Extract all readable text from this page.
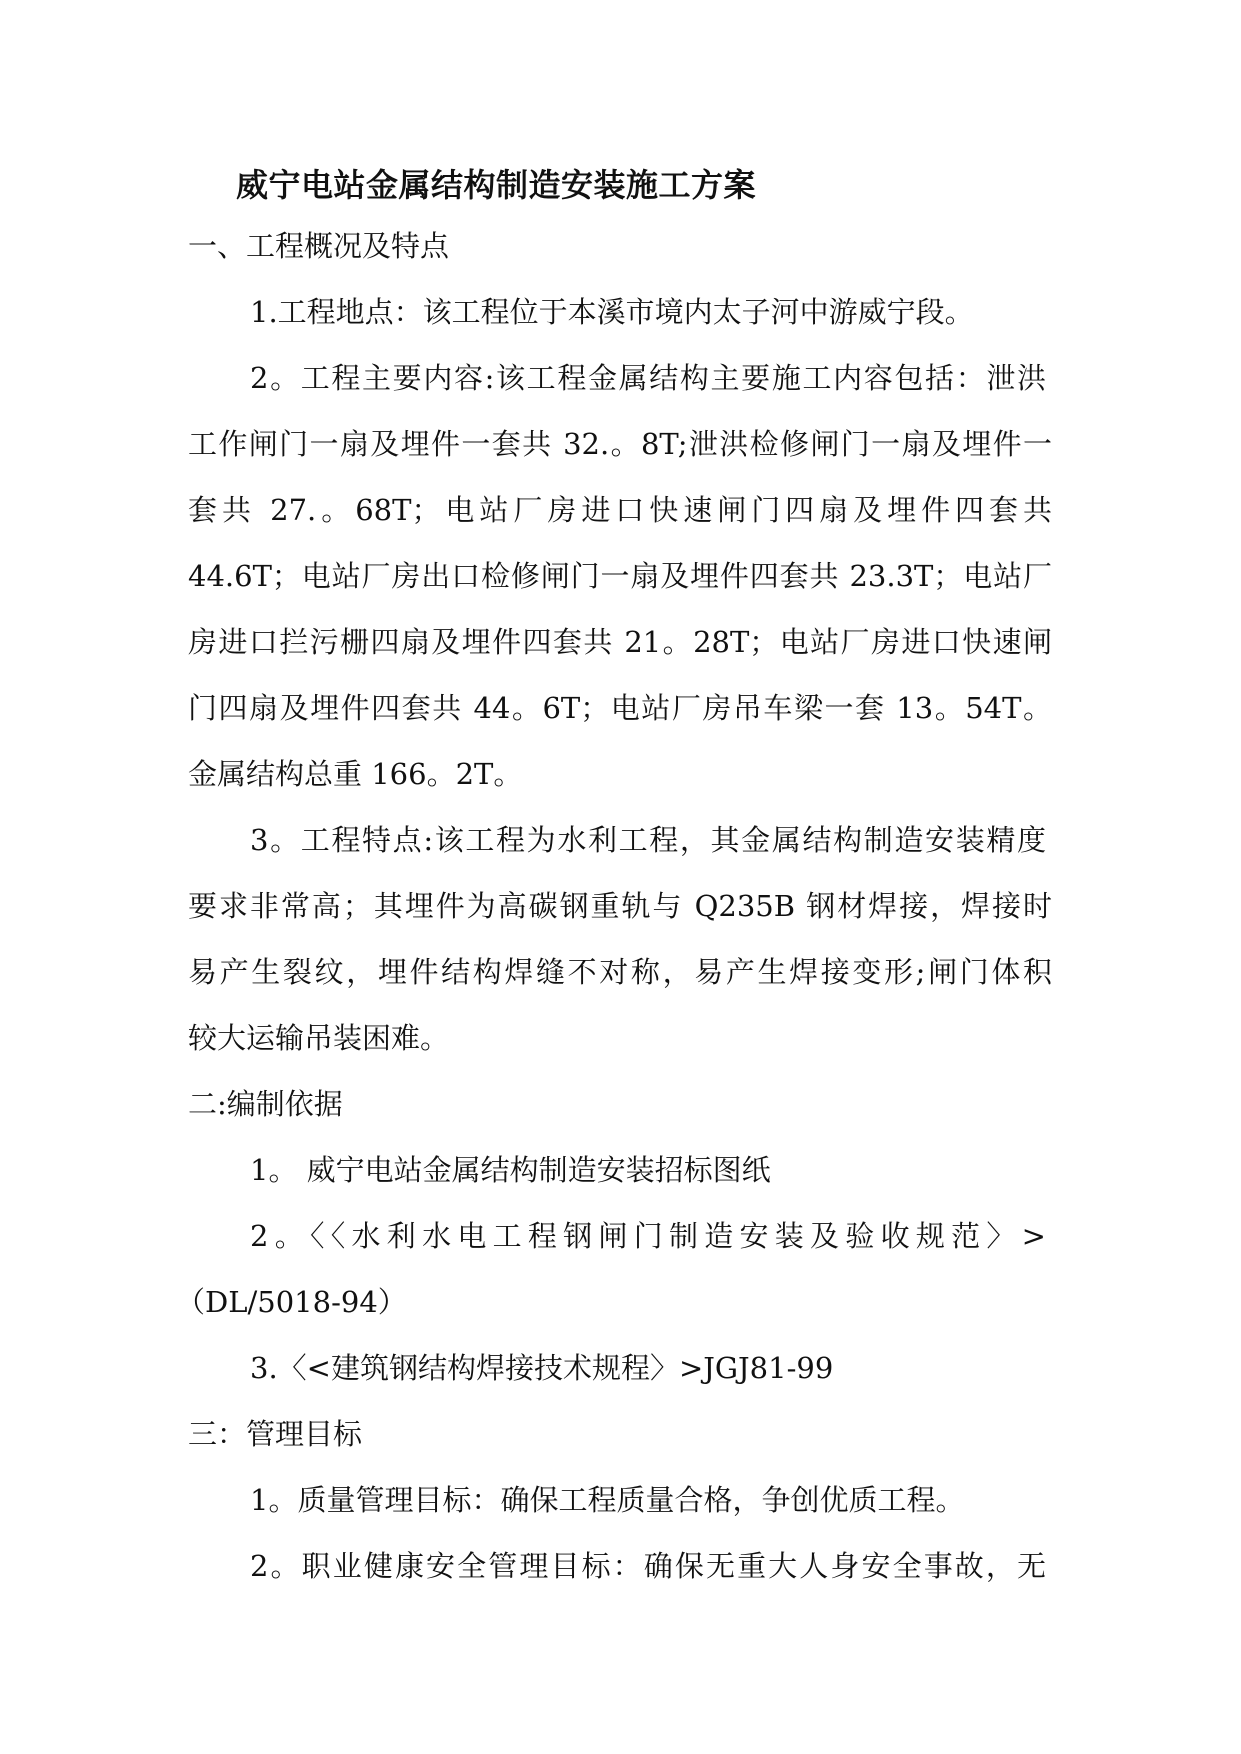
威宁电站金属结构制造安装施工方案
一、工程概况及特点
1.工程地点：该工程位于本溪市境内太子河中游威宁段。
2。工程主要内容:该工程金属结构主要施工内容包括：泄洪
工作闸门一扇及埋件一套共 32.。8T;泄洪检修闸门一扇及埋件一
套共 27.。68T；电站厂房进口快速闸门四扇及埋件四套共
44.6T；电站厂房出口检修闸门一扇及埋件四套共 23.3T；电站厂
房进口拦污栅四扇及埋件四套共 21。28T；电站厂房进口快速闸
门四扇及埋件四套共 44。6T；电站厂房吊车梁一套 13。54T。
金属结构总重 166。2T。
3。工程特点:该工程为水利工程，其金属结构制造安装精度
要求非常高；其埋件为高碳钢重轨与 Q235B 钢材焊接，焊接时
易产生裂纹，埋件结构焊缝不对称，易产生焊接变形;闸门体积
较大运输吊装困难。
二:编制依据
1。 威宁电站金属结构制造安装招标图纸
2。〈〈水利水电工程钢闸门制造安装及验收规范〉>
（DL/5018-94）
3.〈<建筑钢结构焊接技术规程〉>JGJ81-99
三：管理目标
1。质量管理目标：确保工程质量合格，争创优质工程。
2。职业健康安全管理目标：确保无重大人身安全事故，无
